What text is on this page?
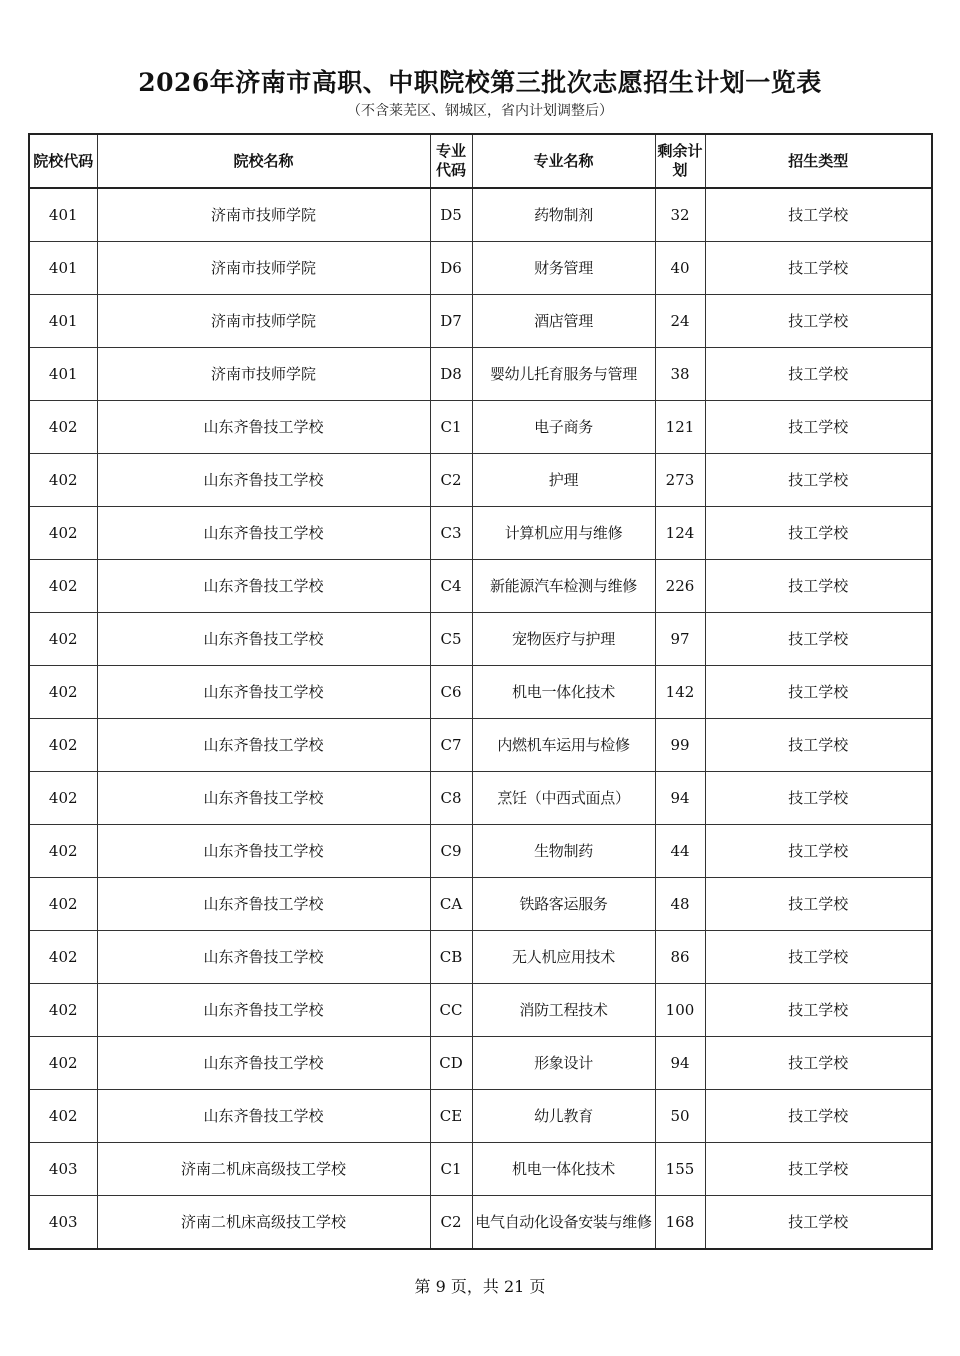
2026年济南市高职、中职院校第三批次志愿招生计划一览表
（不含莱芜区、钢城区，省内计划调整后）
院校代码	院校名称	专业代码	专业名称	剩余计划	招生类型
401	济南市技师学院	D5	药物制剂	32	技工学校
401	济南市技师学院	D6	财务管理	40	技工学校
401	济南市技师学院	D7	酒店管理	24	技工学校
401	济南市技师学院	D8	婴幼儿托育服务与管理	38	技工学校
402	山东齐鲁技工学校	C1	电子商务	121	技工学校
402	山东齐鲁技工学校	C2	护理	273	技工学校
402	山东齐鲁技工学校	C3	计算机应用与维修	124	技工学校
402	山东齐鲁技工学校	C4	新能源汽车检测与维修	226	技工学校
402	山东齐鲁技工学校	C5	宠物医疗与护理	97	技工学校
402	山东齐鲁技工学校	C6	机电一体化技术	142	技工学校
402	山东齐鲁技工学校	C7	内燃机车运用与检修	99	技工学校
402	山东齐鲁技工学校	C8	烹饪（中西式面点）	94	技工学校
402	山东齐鲁技工学校	C9	生物制药	44	技工学校
402	山东齐鲁技工学校	CA	铁路客运服务	48	技工学校
402	山东齐鲁技工学校	CB	无人机应用技术	86	技工学校
402	山东齐鲁技工学校	CC	消防工程技术	100	技工学校
402	山东齐鲁技工学校	CD	形象设计	94	技工学校
402	山东齐鲁技工学校	CE	幼儿教育	50	技工学校
403	济南二机床高级技工学校	C1	机电一体化技术	155	技工学校
403	济南二机床高级技工学校	C2	电气自动化设备安装与维修	168	技工学校
第 9 页，共 21 页
